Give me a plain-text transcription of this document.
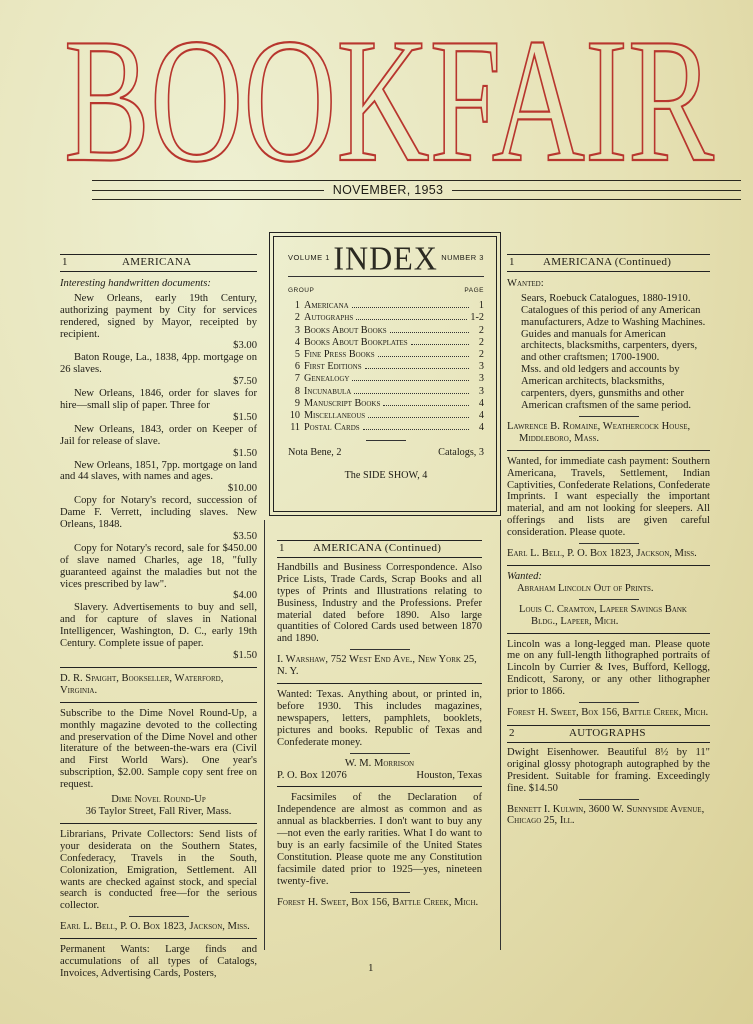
BOOKFAIR
NOVEMBER, 1953
1	AMERICANA

Interesting handwritten documents:

New Orleans, early 19th Century, authorizing payment by City for services rendered, signed by Mayor, receipted by recipient.

$3.00

Baton Rouge, La., 1838, 4pp. mortgage on 26 slaves.

$7.50

New Orleans, 1846, order for slaves for hire—small slip of paper. Three for

$1.50

New Orleans, 1843, order on Keeper of Jail for release of slave.

$1.50

New Orleans, 1851, 7pp. mortgage on land and 44 slaves, with names and ages.

$10.00

Copy for Notary's record, succession of Dame F. Verrett, including slaves. New Orleans, 1848.

$3.50

Copy for Notary's record, sale for $450.00 of slave named Charles, age 18, "fully guaranteed against the maladies but not the vices prescribed by law".

$4.00

Slavery. Advertisements to buy and sell, and for capture of slaves in National Intelligencer, Washington, D. C., early 19th Century. Complete issue of paper.

$1.50

D. R. Spaight, Bookseller, Waterford, Virginia.

Subscribe to the Dime Novel Round-Up, a monthly magazine devoted to the collecting and preservation of the Dime Novel and other literature of the between-the-wars era (Civil and First World Wars). One year's subscription, $2.00. Sample copy sent free on request.

Dime Novel Round-Up

36 Taylor Street, Fall River, Mass.

Librarians, Private Collectors: Send lists of your desiderata on the Southern States, Confederacy, Travels in the South, Colonization, Emigration, Settlement. All wants are checked against stock, and special search is conducted free—for the serious collector.

Earl L. Bell, P. O. Box 1823, Jackson, Miss.

Permanent Wants: Large finds and accumulations of all types of Catalogs, Invoices, Advertising Cards, Posters,

VOLUME 1 INDEX NUMBER 3
GROUP	PAGE
1 Americana	1
2 Autographs	1-2
3 Books About Books	2
4 Books About Bookplates	2
5 Fine Press Books	2
6 First Editions	3
7 Genealogy	3
8 Incunabula	3
9 Manuscript Books	4
10 Miscellaneous	4
11 Postal Cards	4
Nota Bene, 2	Catalogs, 3

The SIDE SHOW, 4

1	AMERICANA (Continued)

Handbills and Business Correspondence. Also Price Lists, Trade Cards, Scrap Books and all types of Prints and Illustrations relating to Business, Industry and the Professions. Prefer material dated before 1890. Also large quantities of Colored Cards used between 1870 and 1890.

I. Warshaw, 752 West End Ave., New York 25, N. Y.

Wanted: Texas. Anything about, or printed in, before 1930. This includes magazines, newspapers, letters, pamphlets, booklets, pictures and books. Republic of Texas and Confederate money.

W. M. Morrison

P. O. Box 12076	Houston, Texas

Facsimiles of the Declaration of Independence are almost as common and as annual as blackberries. I don't want to buy any—not even the early rarities. What I do want to buy is an early facsimile of the United States Constitution. Please quote me any Constitution facsimile dated prior to 1925—yes, nineteen twenty-five.

Forest H. Sweet, Box 156, Battle Creek, Mich.

1	AMERICANA (Continued)

Wanted:

Sears, Roebuck Catalogues, 1880-1910.

Catalogues of this period of any American manufacturers, Adze to Washing Machines.

Guides and manuals for American architects, blacksmiths, carpenters, dyers, and other craftsmen; 1700-1900.

Mss. and old ledgers and accounts by American architects, blacksmiths, carpenters, dyers, gunsmiths and other American craftsmen of the same period.

Lawrence B. Romaine, Weathercock House, Middleboro, Mass.

Wanted, for immediate cash payment: Southern Americana, Travels, Settlement, Indian Captivities, Confederate Relations, Confederate Imprints. I want especially the important material, and am not looking for sleepers. All offerings and lists are given careful consideration. Please quote.

Earl L. Bell, P. O. Box 1823, Jackson, Miss.

Wanted:

Abraham Lincoln Out of Prints.

Louis C. Cramton, Lapeer Savings Bank Bldg., Lapeer, Mich.

Lincoln was a long-legged man. Please quote me on any full-length lithographed portraits of Lincoln by Currier & Ives, Bufford, Kellogg, Endicott, Sarony, or any other lithographer prior to 1866.

Forest H. Sweet, Box 156, Battle Creek, Mich.

2	AUTOGRAPHS

Dwight Eisenhower. Beautiful 8½ by 11" original glossy photograph autographed by the President. Suitable for framing. Exceedingly fine. $14.50

Bennett I. Kulwin, 3600 W. Sunnyside Avenue, Chicago 25, Ill.

1
